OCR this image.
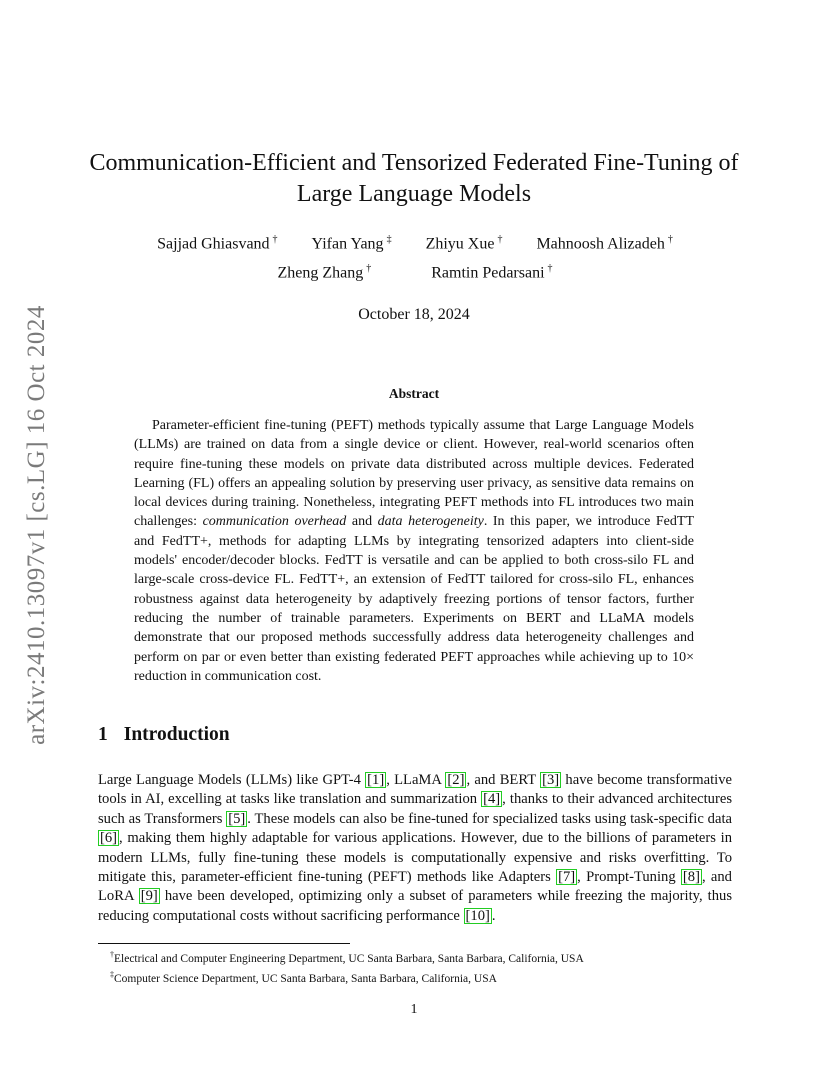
arXiv:2410.13097v1 [cs.LG] 16 Oct 2024
Communication-Efficient and Tensorized Federated Fine-Tuning of
Large Language Models
Sajjad Ghiasvand † Yifan Yang ‡ Zhiyu Xue † Mahnoosh Alizadeh †
Zheng Zhang †	Ramtin Pedarsani †
October 18, 2024
Abstract
Parameter-efficient fine-tuning (PEFT) methods typically assume that Large Language Models (LLMs) are trained on data from a single device or client. However, real-world scenarios often require fine-tuning these models on private data distributed across multiple devices. Federated Learning (FL) offers an appealing solution by preserving user privacy, as sensitive data remains on local devices during training. Nonetheless, integrating PEFT methods into FL introduces two main challenges: communication overhead and data heterogeneity. In this paper, we introduce FedTT and FedTT+, methods for adapting LLMs by integrating tensorized adapters into client-side models' encoder/decoder blocks. FedTT is versatile and can be applied to both cross-silo FL and large-scale cross-device FL. FedTT+, an extension of FedTT tailored for cross-silo FL, enhances robustness against data heterogeneity by adaptively freezing portions of tensor factors, further reducing the number of trainable parameters. Experiments on BERT and LLaMA models demonstrate that our proposed methods successfully address data heterogeneity challenges and perform on par or even better than existing federated PEFT approaches while achieving up to 10× reduction in communication cost.
1 Introduction
Large Language Models (LLMs) like GPT-4 [1] , LLaMA [2] , and BERT [3] have become transformative tools in AI, excelling at tasks like translation and summarization [4] , thanks to their advanced architectures such as Transformers [5] . These models can also be fine-tuned for specialized tasks using task-specific data [6] , making them highly adaptable for various applications. However, due to the billions of parameters in modern LLMs, fully fine-tuning these models is computationally expensive and risks overfitting. To mitigate this, parameter-efficient fine-tuning (PEFT) methods like Adapters [7] , Prompt-Tuning [8] , and LoRA [9] have been developed, optimizing only a subset of parameters while freezing the majority, thus reducing computational costs without sacrificing performance [10] .
†Electrical and Computer Engineering Department, UC Santa Barbara, Santa Barbara, California, USA
‡Computer Science Department, UC Santa Barbara, Santa Barbara, California, USA
1
